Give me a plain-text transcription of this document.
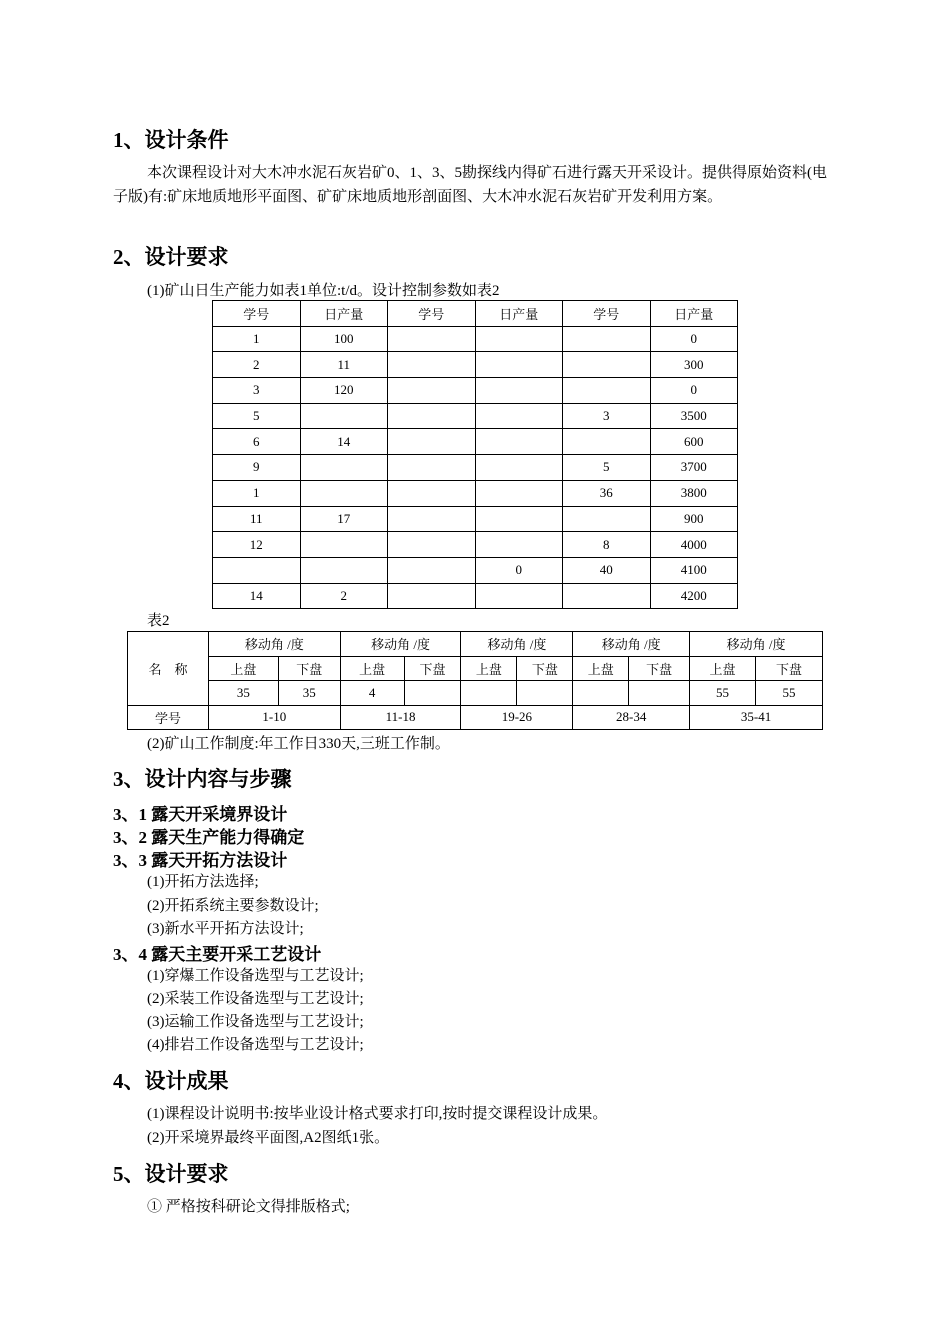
1、设计条件
本次课程设计对大木冲水泥石灰岩矿0、1、3、5勘探线内得矿石进行露天开采设计。提供得原始资料(电子版)有:矿床地质地形平面图、矿矿床地质地形剖面图、大木冲水泥石灰岩矿开发利用方案。
2、设计要求
(1)矿山日生产能力如表1单位:t/d。设计控制参数如表2
学号	日产量	学号	日产量	学号	日产量
1	100				0
2	11				300
3	120				0
5				3	3500
6	14				600
9				5	3700
1				36	3800
11	17				900
12				8	4000
			0	40	4100
14	2				4200
表2
名　称	移动角 /度		移动角 /度		移动角 /度		移动角 /度		移动角 /度	
	上盘	下盘	上盘	下盘	上盘	下盘	上盘	下盘	上盘	下盘
	35	35	4						55	55
学号	1-10		11-18		19-26		28-34		35-41	
(2)矿山工作制度:年工作日330天,三班工作制。
3、设计内容与步骤
3、1 露天开采境界设计
3、2 露天生产能力得确定
3、3 露天开拓方法设计
(1)开拓方法选择;
(2)开拓系统主要参数设计;
(3)新水平开拓方法设计;
3、4 露天主要开采工艺设计
(1)穿爆工作设备选型与工艺设计;
(2)采装工作设备选型与工艺设计;
(3)运输工作设备选型与工艺设计;
(4)排岩工作设备选型与工艺设计;
4、设计成果
(1)课程设计说明书:按毕业设计格式要求打印,按时提交课程设计成果。
(2)开采境界最终平面图,A2图纸1张。
5、设计要求
① 严格按科研论文得排版格式;
